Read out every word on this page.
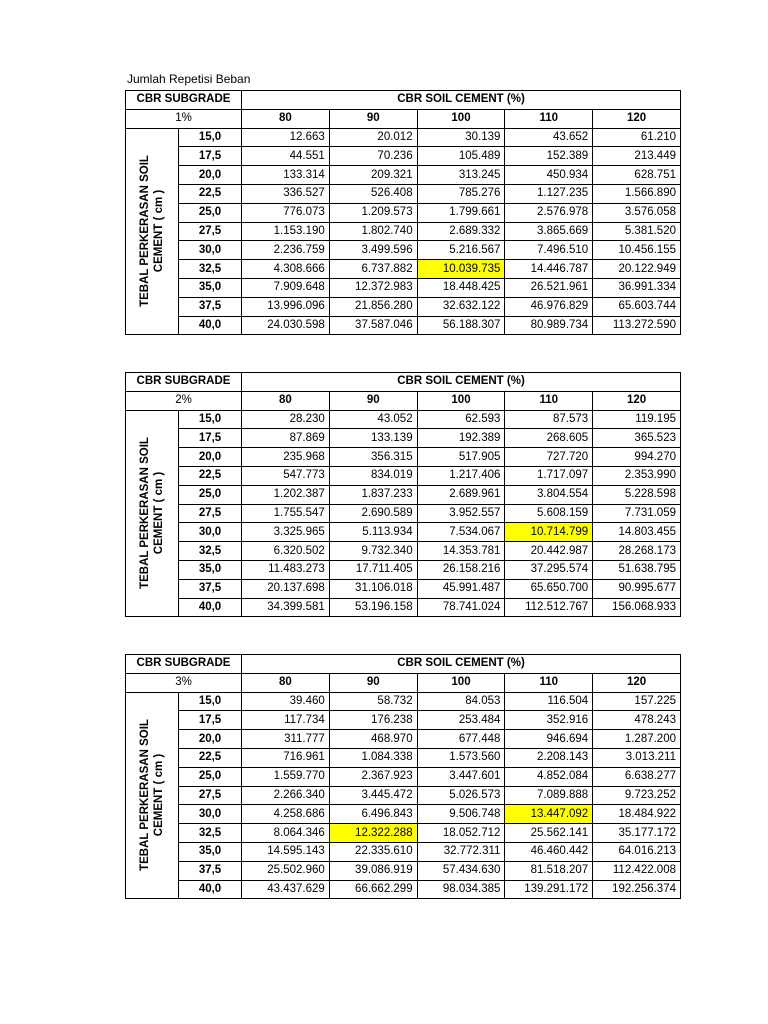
Jumlah Repetisi Beban
CBR SUBGRADE		CBR SOIL CEMENT (%)				
1%		80	90	100	110	120

TEBAL PERKERASAN SOIL CEMENT ( cm )	15,0	12.663	20.012	30.139	43.652	61.210
	17,5	44.551	70.236	105.489	152.389	213.449
	20,0	133.314	209.321	313.245	450.934	628.751
	22,5	336.527	526.408	785.276	1.127.235	1.566.890
	25,0	776.073	1.209.573	1.799.661	2.576.978	3.576.058
	27,5	1.153.190	1.802.740	2.689.332	3.865.669	5.381.520
	30,0	2.236.759	3.499.596	5.216.567	7.496.510	10.456.155
	32,5	4.308.666	6.737.882	10.039.735	14.446.787	20.122.949
	35,0	7.909.648	12.372.983	18.448.425	26.521.961	36.991.334
	37,5	13.996.096	21.856.280	32.632.122	46.976.829	65.603.744
	40,0	24.030.598	37.587.046	56.188.307	80.989.734	113.272.590
CBR SUBGRADE		CBR SOIL CEMENT (%)				
2%		80	90	100	110	120

TEBAL PERKERASAN SOIL CEMENT ( cm )	15,0	28.230	43.052	62.593	87.573	119.195
	17,5	87.869	133.139	192.389	268.605	365.523
	20,0	235.968	356.315	517.905	727.720	994.270
	22,5	547.773	834.019	1.217.406	1.717.097	2.353.990
	25,0	1.202.387	1.837.233	2.689.961	3.804.554	5.228.598
	27,5	1.755.547	2.690.589	3.952.557	5.608.159	7.731.059
	30,0	3.325.965	5.113.934	7.534.067	10.714.799	14.803.455
	32,5	6.320.502	9.732.340	14.353.781	20.442.987	28.268.173
	35,0	11.483.273	17.711.405	26.158.216	37.295.574	51.638.795
	37,5	20.137.698	31.106.018	45.991.487	65.650.700	90.995.677
	40,0	34.399.581	53.196.158	78.741.024	112.512.767	156.068.933
CBR SUBGRADE		CBR SOIL CEMENT (%)				
3%		80	90	100	110	120

TEBAL PERKERASAN SOIL CEMENT ( cm )	15,0	39.460	58.732	84.053	116.504	157.225
	17,5	117.734	176.238	253.484	352.916	478.243
	20,0	311.777	468.970	677.448	946.694	1.287.200
	22,5	716.961	1.084.338	1.573.560	2.208.143	3.013.211
	25,0	1.559.770	2.367.923	3.447.601	4.852.084	6.638.277
	27,5	2.266.340	3.445.472	5.026.573	7.089.888	9.723.252
	30,0	4.258.686	6.496.843	9.506.748	13.447.092	18.484.922
	32,5	8.064.346	12.322.288	18.052.712	25.562.141	35.177.172
	35,0	14.595.143	22.335.610	32.772.311	46.460.442	64.016.213
	37,5	25.502.960	39.086.919	57.434.630	81.518.207	112.422.008
	40,0	43.437.629	66.662.299	98.034.385	139.291.172	192.256.374
